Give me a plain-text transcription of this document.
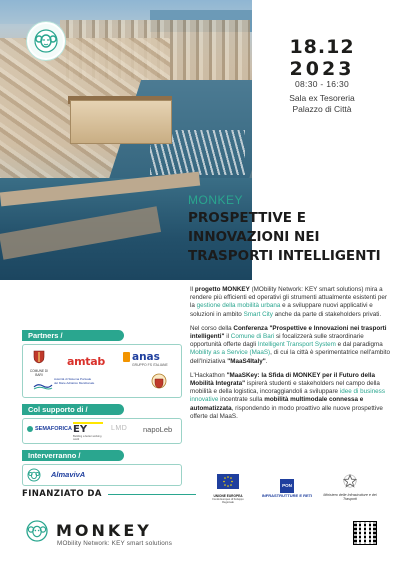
18.12
2023
08:30 - 16:30
Sala ex Tesoreria
Palazzo di Città
MONKEY
PROSPETTIVE E
INNOVAZIONI NEI
TRASPORTI INTELLIGENTI

Il progetto MONKEY (MObility Network: KEY smart solutions) mira a rendere più efficienti ed operativi gli strumenti attualmente esistenti per la gestione della mobilità urbana e a sviluppare nuovi applicativi e soluzioni in ambito Smart City anche da parte di stakeholders privati.

Nel corso della Conferenza "Prospettive e Innovazioni nei trasporti intelligenti" il Comune di Bari si focalizzerà sulle straordinarie opportunità offerte dagli Intelligent Transport System e dal paradigma Mobility as a Service (MaaS), di cui la città è sperimentatrice nell'ambito dell'Iniziativa "MaaS4Italy".

L'Hackathon "MaaSKey: la Sfida di MONKEY per il Futuro della Mobilità Integrata" ispirerà studenti e stakeholders nel campo della mobilità e della logistica, incoraggiandoli a sviluppare idee di business innovative incentrate sulla mobilità multimodale connessa e automatizzata, rispondendo in modo proattivo alle nuove prospettive offerte dal MaaS.

Partners /
COMUNE DI BARI
amtab	anas
GRUPPO FS ITALIANE
Autorità di Sistema Portuale del Mare Adriatico Meridionale
Col supporto di /
SEMAFORICA EY
Building a better working world
LMD napoLeb
Interverranno /
AlmavivA
FINANZIATO DA	UNIONE EUROPEA
Fondo Europeo di Sviluppo Regionale
PON
INFRASTRUTTURE E RETI	Ministero delle Infrastrutture e dei Trasporti
MONKEY
MObility Network: KEY smart solutions
